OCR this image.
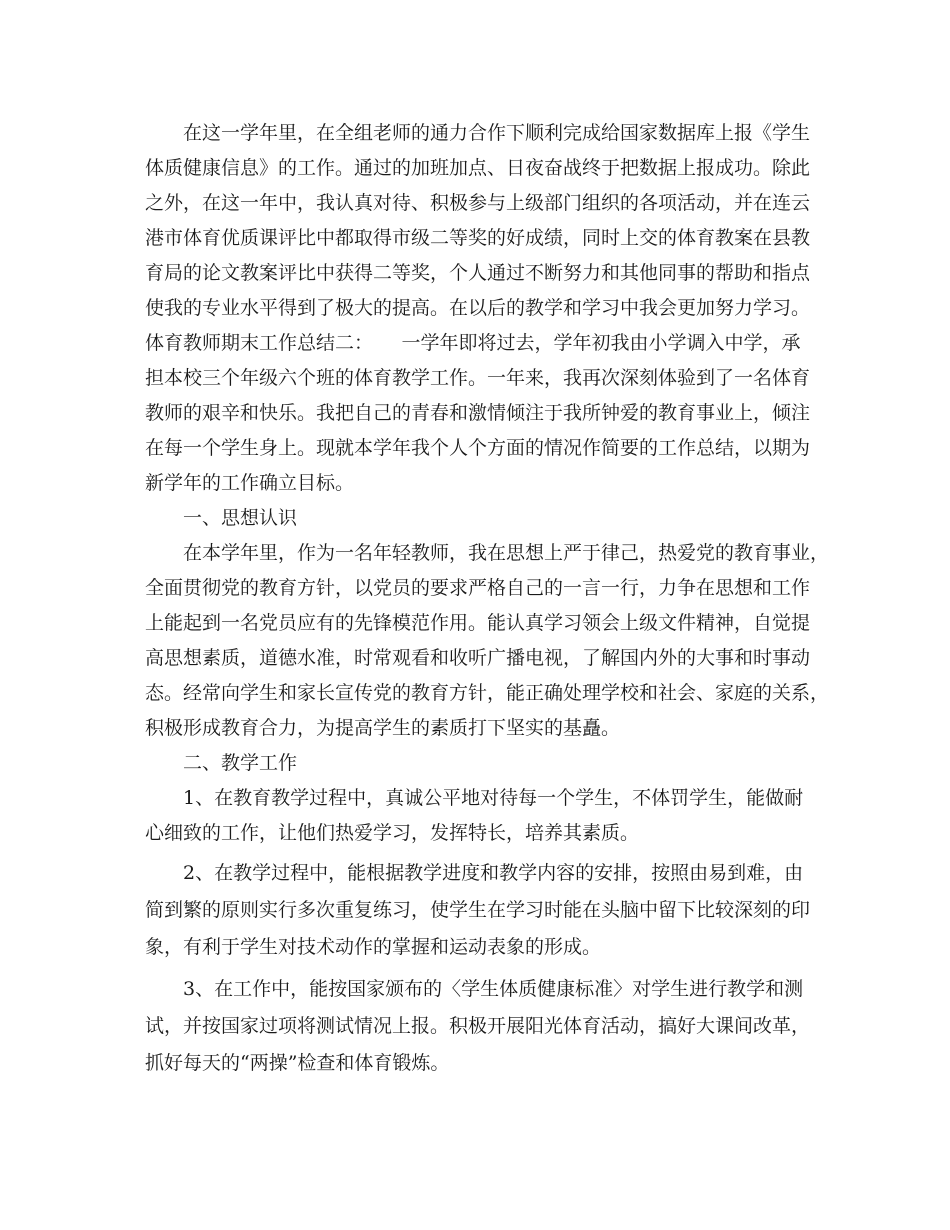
在这一学年里，在全组老师的通力合作下顺利完成给国家数据库上报《学生
体质健康信息》的工作。通过的加班加点、日夜奋战终于把数据上报成功。除此
之外，在这一年中，我认真对待、积极参与上级部门组织的各项活动，并在连云
港市体育优质课评比中都取得市级二等奖的好成绩，同时上交的体育教案在县教
育局的论文教案评比中获得二等奖，个人通过不断努力和其他同事的帮助和指点
使我的专业水平得到了极大的提高。在以后的教学和学习中我会更加努力学习。
体育教师期末工作总结二：　　一学年即将过去，学年初我由小学调入中学，承
担本校三个年级六个班的体育教学工作。一年来，我再次深刻体验到了一名体育
教师的艰辛和快乐。我把自己的青春和激情倾注于我所钟爱的教育事业上，倾注
在每一个学生身上。现就本学年我个人个方面的情况作简要的工作总结，以期为
新学年的工作确立目标。
一、思想认识
在本学年里，作为一名年轻教师，我在思想上严于律己，热爱党的教育事业，
全面贯彻党的教育方针，以党员的要求严格自己的一言一行，力争在思想和工作
上能起到一名党员应有的先锋模范作用。能认真学习领会上级文件精神，自觉提
高思想素质，道德水准，时常观看和收听广播电视，了解国内外的大事和时事动
态。经常向学生和家长宣传党的教育方针，能正确处理学校和社会、家庭的关系，
积极形成教育合力，为提高学生的素质打下坚实的基矗。
二、教学工作
1、在教育教学过程中，真诚公平地对待每一个学生，不体罚学生，能做耐
心细致的工作，让他们热爱学习，发挥特长，培养其素质。
2、在教学过程中，能根据教学进度和教学内容的安排，按照由易到难，由
简到繁的原则实行多次重复练习，使学生在学习时能在头脑中留下比较深刻的印
象，有利于学生对技术动作的掌握和运动表象的形成。
3、在工作中，能按国家颁布的〈学生体质健康标准〉对学生进行教学和测
试，并按国家过项将测试情况上报。积极开展阳光体育活动，搞好大课间改革，
抓好每天的“两操”检查和体育锻炼。
